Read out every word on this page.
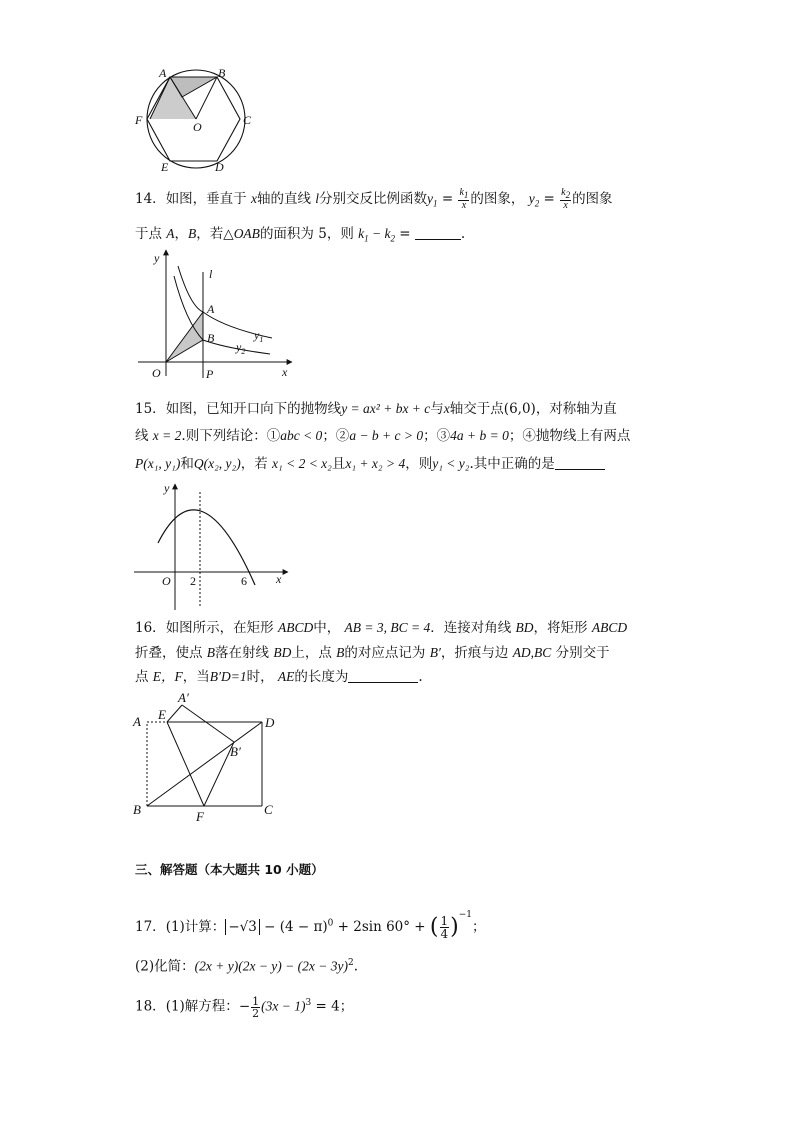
A	B
C
D
E
F	O
14．如图，垂直于 x轴的直线 l分别交反比例函数$y_1 = \frac{k_1}{x}$ 的图象， $y_2 = \frac{k_2}{x}$ 的图象
于点 A，B，若△OAB的面积为 5，则 $k_1 - k_2$ =	.
y
l
A
B	$y_1$
$y_2$
O	P	x
15．如图，已知开口向下的抛物线y = ax² + bx + c与x轴交于点(6,0)，对称轴为直
线 x = 2.则下列结论：①abc < 0；②a − b + c > 0；③4a + b = 0；④抛物线上有两点
P(x₁, y₁)和Q(x₂, y₂)，若 x₁ < 2 < x₂且x₁ + x₂ > 4，则y₁ < y₂.其中正确的是
y
O 2	6 x
16．如图所示，在矩形 ABCD中， AB = 3, BC = 4．连接对角线 BD，将矩形 ABCD
折叠，使点 B落在射线 BD上，点 B的对应点记为 B′，折痕与边 AD,BC 分别交于
点 E，F，当B′D=1时， AE的长度为	.
A E
A′
D
B′
B	F	C
三、解答题（本大题共 10 小题）
17．(1)计算： $-√3 - (4 - \pi)^0 + 2\sin$ 60° + ( $\frac{1}{4} )^{-1}$；
(2)化简：$(2x + y)(2x - y) - (2x - 3y)^2$.
18．(1)解方程：− $\frac{1}{2} (3x - 1)^3 = 4$；
